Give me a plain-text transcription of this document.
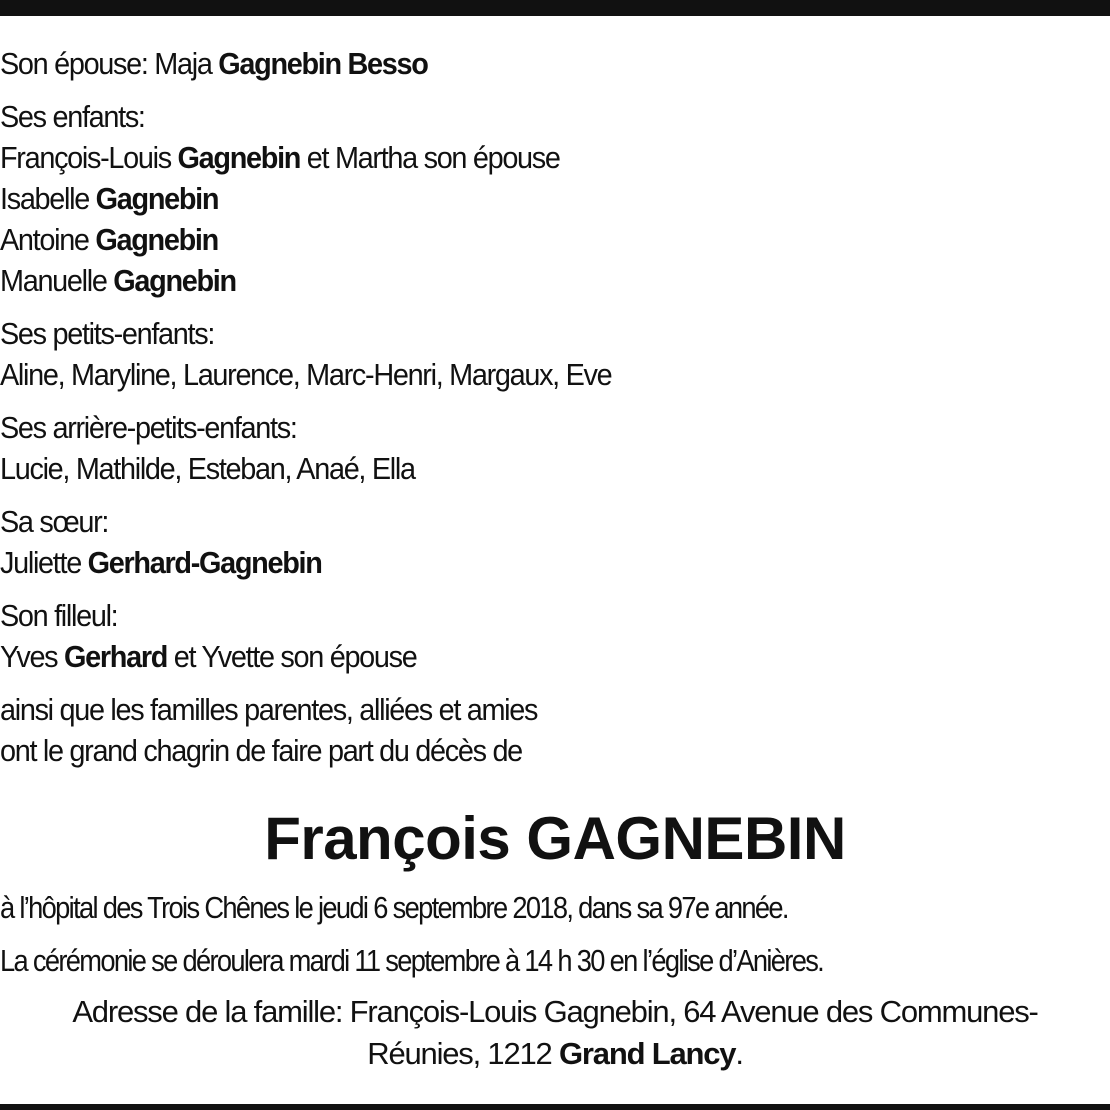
Son épouse: Maja Gagnebin Besso
Ses enfants:
François-Louis Gagnebin et Martha son épouse
Isabelle Gagnebin
Antoine Gagnebin
Manuelle Gagnebin
Ses petits-enfants:
Aline, Maryline, Laurence, Marc-Henri, Margaux, Eve
Ses arrière-petits-enfants:
Lucie, Mathilde, Esteban, Anaé, Ella
Sa sœur:
Juliette Gerhard-Gagnebin
Son filleul:
Yves Gerhard et Yvette son épouse
ainsi que les familles parentes, alliées et amies
ont le grand chagrin de faire part du décès de
François GAGNEBIN
à l’hôpital des Trois Chênes le jeudi 6 septembre 2018, dans sa 97e année.
La cérémonie se déroulera mardi 11 septembre à 14 h 30 en l’église d’Anières.
Adresse de la famille: François-Louis Gagnebin, 64 Avenue des Communes-
Réunies, 1212 Grand Lancy.
